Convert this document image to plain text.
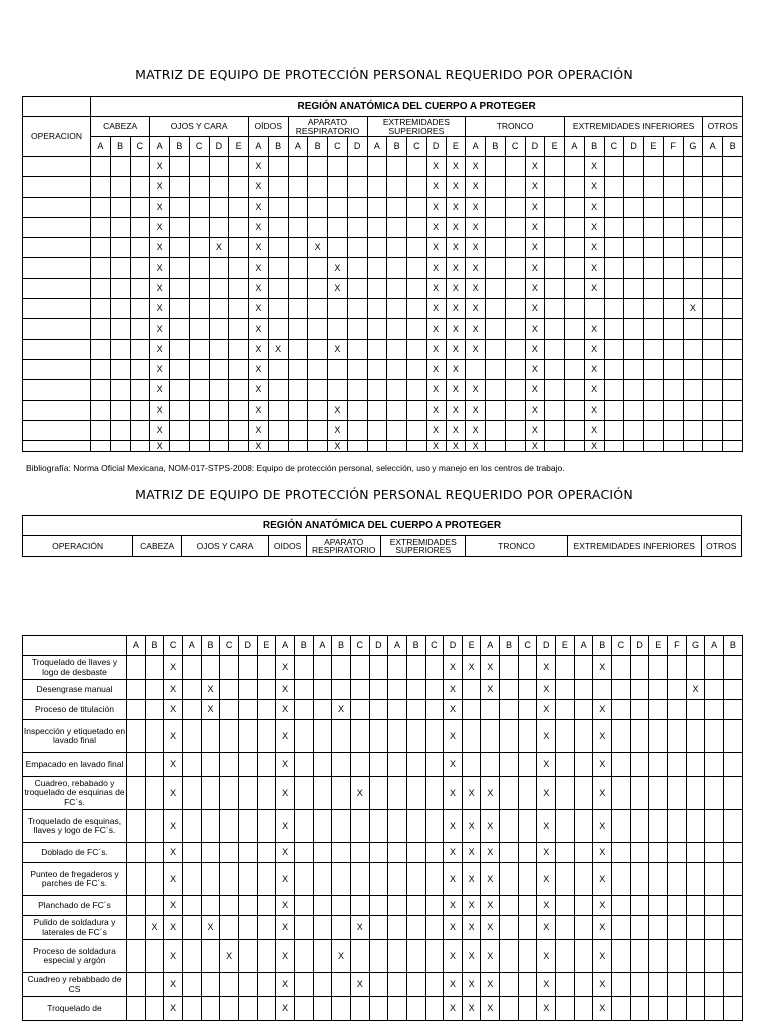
MATRIZ DE EQUIPO DE PROTECCIÓN PERSONAL REQUERIDO POR OPERACIÓN
	REGIÓN ANATÓMICA DEL CUERPO A PROTEGER																																
OPERACION	CABEZA			OJOS Y CARA					OÍDOS		APARATO RESPIRATORIO				EXTREMIDADES SUPERIORES					TRONCO					EXTREMIDADES INFERIORES							OTROS	
	A	B	C	A	B	C	D	E	A	B	A	B	C	D	A	B	C	D	E	A	B	C	D	E	A	B	C	D	E	F	G	A	B
				X					X									X	X	X			X			X							
				X					X									X	X	X			X			X							
				X					X									X	X	X			X			X							
				X					X									X	X	X			X			X							
				X			X		X			X						X	X	X			X			X							
				X					X				X					X	X	X			X			X							
				X					X				X					X	X	X			X			X							
				X					X									X	X	X			X								X		
				X					X									X	X	X			X			X							
				X					X	X			X					X	X	X			X			X							
				X					X									X	X				X			X							
				X					X									X	X	X			X			X							
				X					X				X					X	X	X			X			X							
				X					X				X					X	X	X			X			X							
				X					X				X					X	X	X			X			X							
Bibliografía: Norma Oficial Mexicana, NOM-017-STPS-2008: Equipo de protección personal, selección, uso y manejo en los centros de trabajo.
MATRIZ DE EQUIPO DE PROTECCIÓN PERSONAL REQUERIDO POR OPERACIÓN
REGIÓN ANATÓMICA DEL CUERPO A PROTEGER
OPERACIÓN	CABEZA	OJOS Y CARA	OIDOS	APARATO RESPIRATORIO	EXTREMIDADES SUPERIORES	TRONCO	EXTREMIDADES INFERIORES	OTROS
	A	B	C	A	B	C	D	E	A	B	A	B	C	D	A	B	C	D	E	A	B	C	D	E	A	B	C	D	E	F	G	A	B
Troquelado de llaves y logo de desbaste			X						X									X	X	X			X			X							
Desengrase manual			X		X				X									X		X			X								X		
Proceso de titulación			X		X				X			X						X					X			X							
Inspección y etiquetado en lavado final			X						X									X					X			X							
Empacado en lavado final			X						X									X					X			X							
Cuadreo, rebabado y troquelado de esquinas de FC´s.			X						X				X					X	X	X			X			X							
Troquelado de esquinas, llaves y logo de FC´s.			X						X									X	X	X			X			X							
Doblado de FC´s.			X						X									X	X	X			X			X							
Punteo de fregaderos y parches de FC´s.			X						X									X	X	X			X			X							
Planchado de FC´s			X						X									X	X	X			X			X							
Pulido de soldadura y laterales de FC´s		X	X		X				X				X					X	X	X			X			X							
Proceso de soldadura especial y argón			X			X			X			X						X	X	X			X			X							
Cuadreo y rebabbado de CS			X						X				X					X	X	X			X			X							
Troquelado de			X						X									X	X	X			X			X							
